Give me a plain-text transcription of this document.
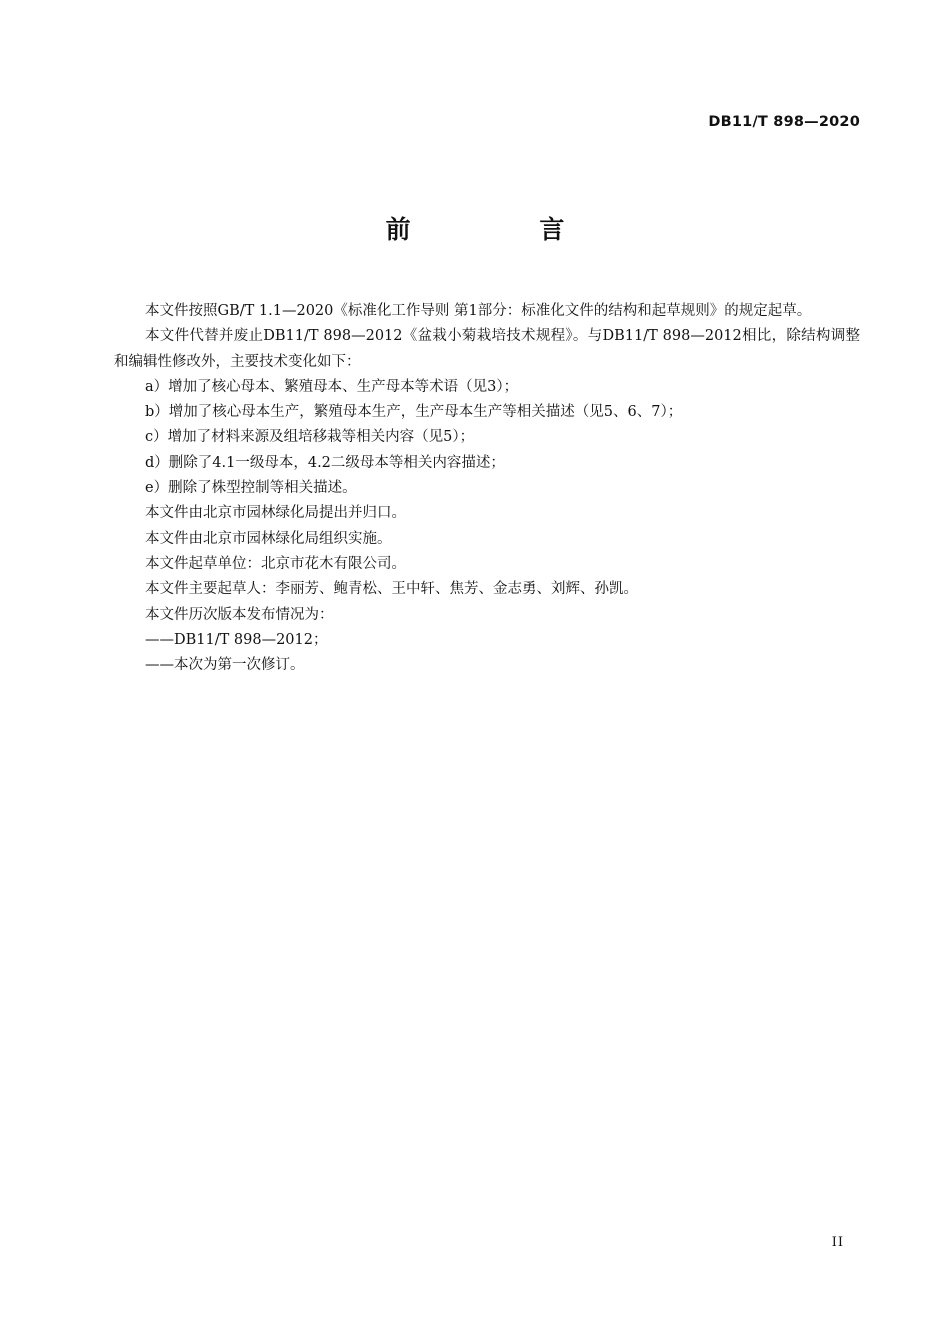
DB11/T 898—2020
前 言

本文件按照GB/T 1.1—2020《标准化工作导则 第1部分：标准化文件的结构和起草规则》的规定起草。

本文件代替并废止DB11/T 898—2012《盆栽小菊栽培技术规程》。与DB11/T 898—2012相比，除结构调整和编辑性修改外，主要技术变化如下：

a）增加了核心母本、繁殖母本、生产母本等术语（见3）；

b）增加了核心母本生产，繁殖母本生产，生产母本生产等相关描述（见5、6、7）；

c）增加了材料来源及组培移栽等相关内容（见5）；

d）删除了4.1一级母本，4.2二级母本等相关内容描述；

e）删除了株型控制等相关描述。

本文件由北京市园林绿化局提出并归口。

本文件由北京市园林绿化局组织实施。

本文件起草单位：北京市花木有限公司。

本文件主要起草人：李丽芳、鲍青松、王中轩、焦芳、金志勇、刘辉、孙凯。

本文件历次版本发布情况为：

——DB11/T 898—2012；

——本次为第一次修订。

II
